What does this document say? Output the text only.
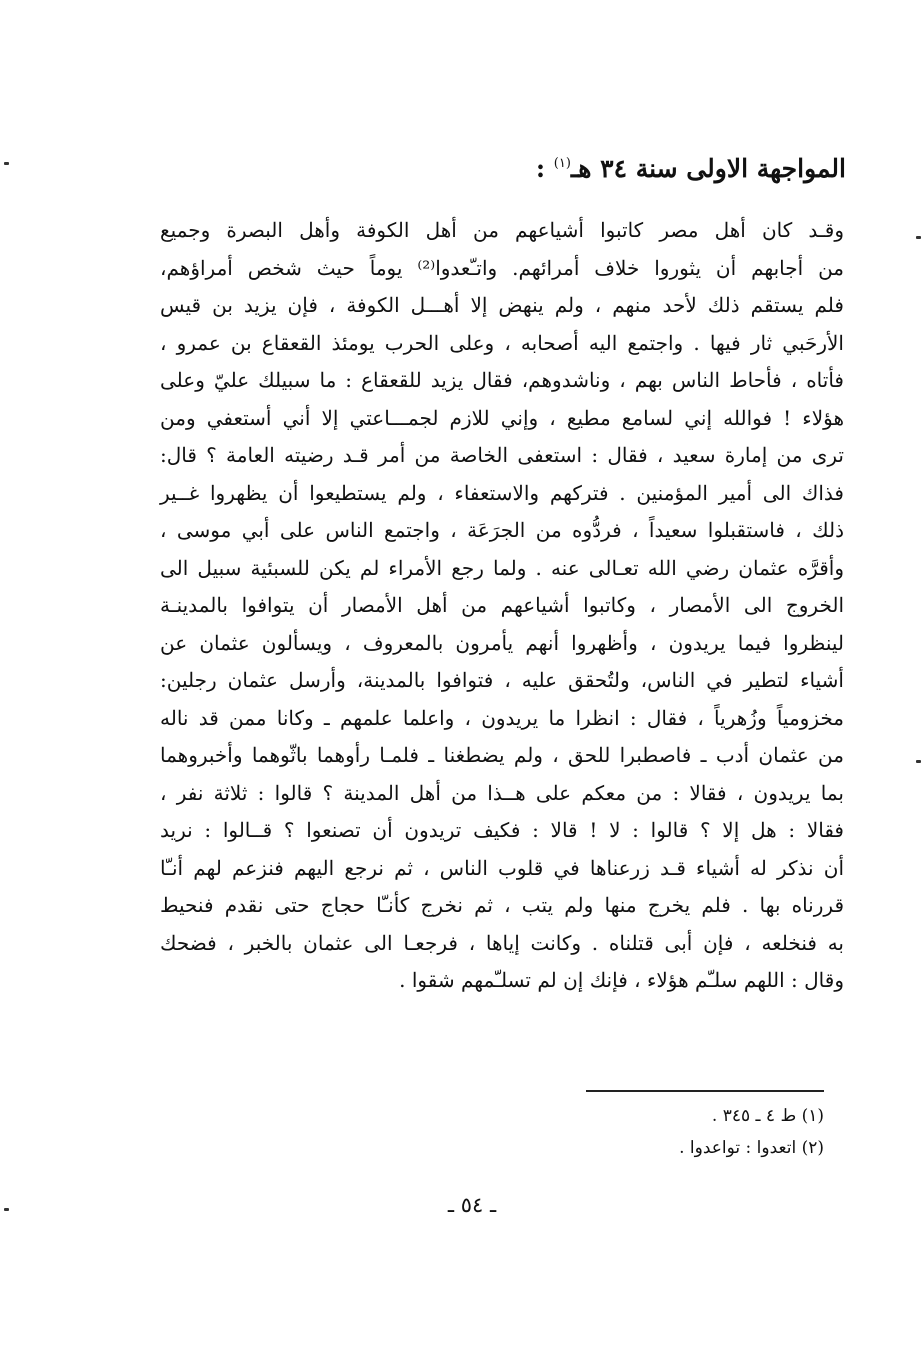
المواجهة الاولى سنة ٣٤ هـ$^{(١)}$ :
وقـد كان أهل مصر كاتبوا أشياعهم من أهل الكوفة وأهل البصرة وجميع
من أجابهم أن يثوروا خلاف أمرائهم. واتـّعدوا⁽²⁾ يوماً حيث شخص أمراؤهم،
فلم يستقم ذلك لأحد منهم ، ولم ينهض إلا أهـــل الكوفة ، فإن يزيد بن قيس
الأرحَبي ثار فيها . واجتمع اليه أصحابه ، وعلى الحرب يومئذ القعقاع بن عمرو ،
فأتاه ، فأحاط الناس بهم ، وناشدوهم، فقال يزيد للقعقاع : ما سبيلك عليّ وعلى
هؤلاء ! فوالله إني لسامع مطيع ، وإني للازم لجمـــاعتي إلا أني أستعفي ومن
ترى من إمارة سعيد ، فقال : استعفى الخاصة من أمر قـد رضيته العامة ؟ قال:
فذاك الى أمير المؤمنين . فتركهم والاستعفاء ، ولم يستطيعوا أن يظهروا غــير
ذلك ، فاستقبلوا سعيداً ، فردُّوه من الجرَعَة ، واجتمع الناس على أبي موسى ،
وأقرَّه عثمان رضي الله تعـالى عنه . ولما رجع الأمراء لم يكن للسبئية سبيل الى
الخروج الى الأمصار ، وكاتبوا أشياعهم من أهل الأمصار أن يتوافوا بالمدينـة
لينظروا فيما يريدون ، وأظهروا أنهم يأمرون بالمعروف ، ويسألون عثمان عن
أشياء لتطير في الناس، ولتُحقق عليه ، فتوافوا بالمدينة، وأرسل عثمان رجلين:
مخزومياً وزُهرياً ، فقال : انظرا ما يريدون ، واعلما علمهم ـ وكانا ممن قد ناله
من عثمان أدب ـ فاصطبرا للحق ، ولم يضطغنا ـ فلمـا رأوهما باثّوهما وأخبروهما
بما يريدون ، فقالا : من معكم على هــذا من أهل المدينة ؟ قالوا : ثلاثة نفر ،
فقالا : هل إلا ؟ قالوا : لا ! قالا : فكيف تريدون أن تصنعوا ؟ قــالوا : نريد
أن نذكر له أشياء قـد زرعناها في قلوب الناس ، ثم نرجع اليهم فنزعم لهم أنـّا
قررناه بها . فلم يخرج منها ولم يتب ، ثم نخرج كأنـّا حجاج حتى نقدم فنحيط
به فنخلعه ، فإن أبى قتلناه . وكانت إياها ، فرجعـا الى عثمان بالخبر ، فضحك
وقال : اللهم سلـّم هؤلاء ، فإنك إن لم تسلـّمهم شقوا .
(١) ط ٤ ـ ٣٤٥ .
(٢) اتعدوا : تواعدوا .
ـ ٥٤ ـ
